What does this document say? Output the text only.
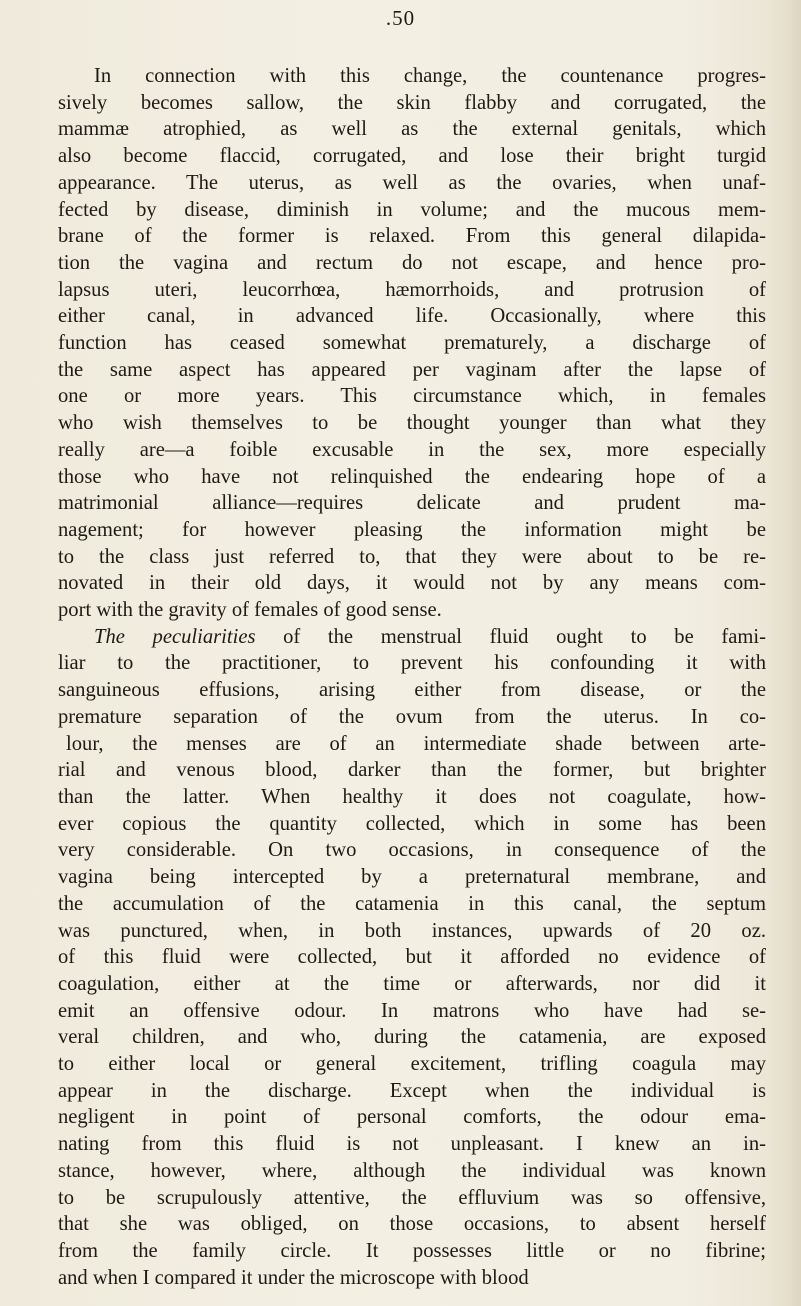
.50
In connection with this change, the countenance progres-
sively becomes sallow, the skin flabby and corrugated, the
mammæ atrophied, as well as the external genitals, which
also become flaccid, corrugated, and lose their bright turgid
appearance. The uterus, as well as the ovaries, when unaf-
fected by disease, diminish in volume; and the mucous mem-
brane of the former is relaxed. From this general dilapida-
tion the vagina and rectum do not escape, and hence pro-
lapsus uteri, leucorrhœa, hæmorrhoids, and protrusion of
either canal, in advanced life. Occasionally, where this
function has ceased somewhat prematurely, a discharge of
the same aspect has appeared per vaginam after the lapse of
one or more years. This circumstance which, in females
who wish themselves to be thought younger than what they
really are—a foible excusable in the sex, more especially
those who have not relinquished the endearing hope of a
matrimonial alliance—requires delicate and prudent ma-
nagement; for however pleasing the information might be
to the class just referred to, that they were about to be re-
novated in their old days, it would not by any means com-
port with the gravity of females of good sense.
The peculiarities of the menstrual fluid ought to be fami-
liar to the practitioner, to prevent his confounding it with
sanguineous effusions, arising either from disease, or the
premature separation of the ovum from the uterus. In co-
lour, the menses are of an intermediate shade between arte-
rial and venous blood, darker than the former, but brighter
than the latter. When healthy it does not coagulate, how-
ever copious the quantity collected, which in some has been
very considerable. On two occasions, in consequence of the
vagina being intercepted by a preternatural membrane, and
the accumulation of the catamenia in this canal, the septum
was punctured, when, in both instances, upwards of 20 oz.
of this fluid were collected, but it afforded no evidence of
coagulation, either at the time or afterwards, nor did it
emit an offensive odour. In matrons who have had se-
veral children, and who, during the catamenia, are exposed
to either local or general excitement, trifling coagula may
appear in the discharge. Except when the individual is
negligent in point of personal comforts, the odour ema-
nating from this fluid is not unpleasant. I knew an in-
stance, however, where, although the individual was known
to be scrupulously attentive, the effluvium was so offensive,
that she was obliged, on those occasions, to absent herself
from the family circle. It possesses little or no fibrine;
and when I compared it under the microscope with blood
